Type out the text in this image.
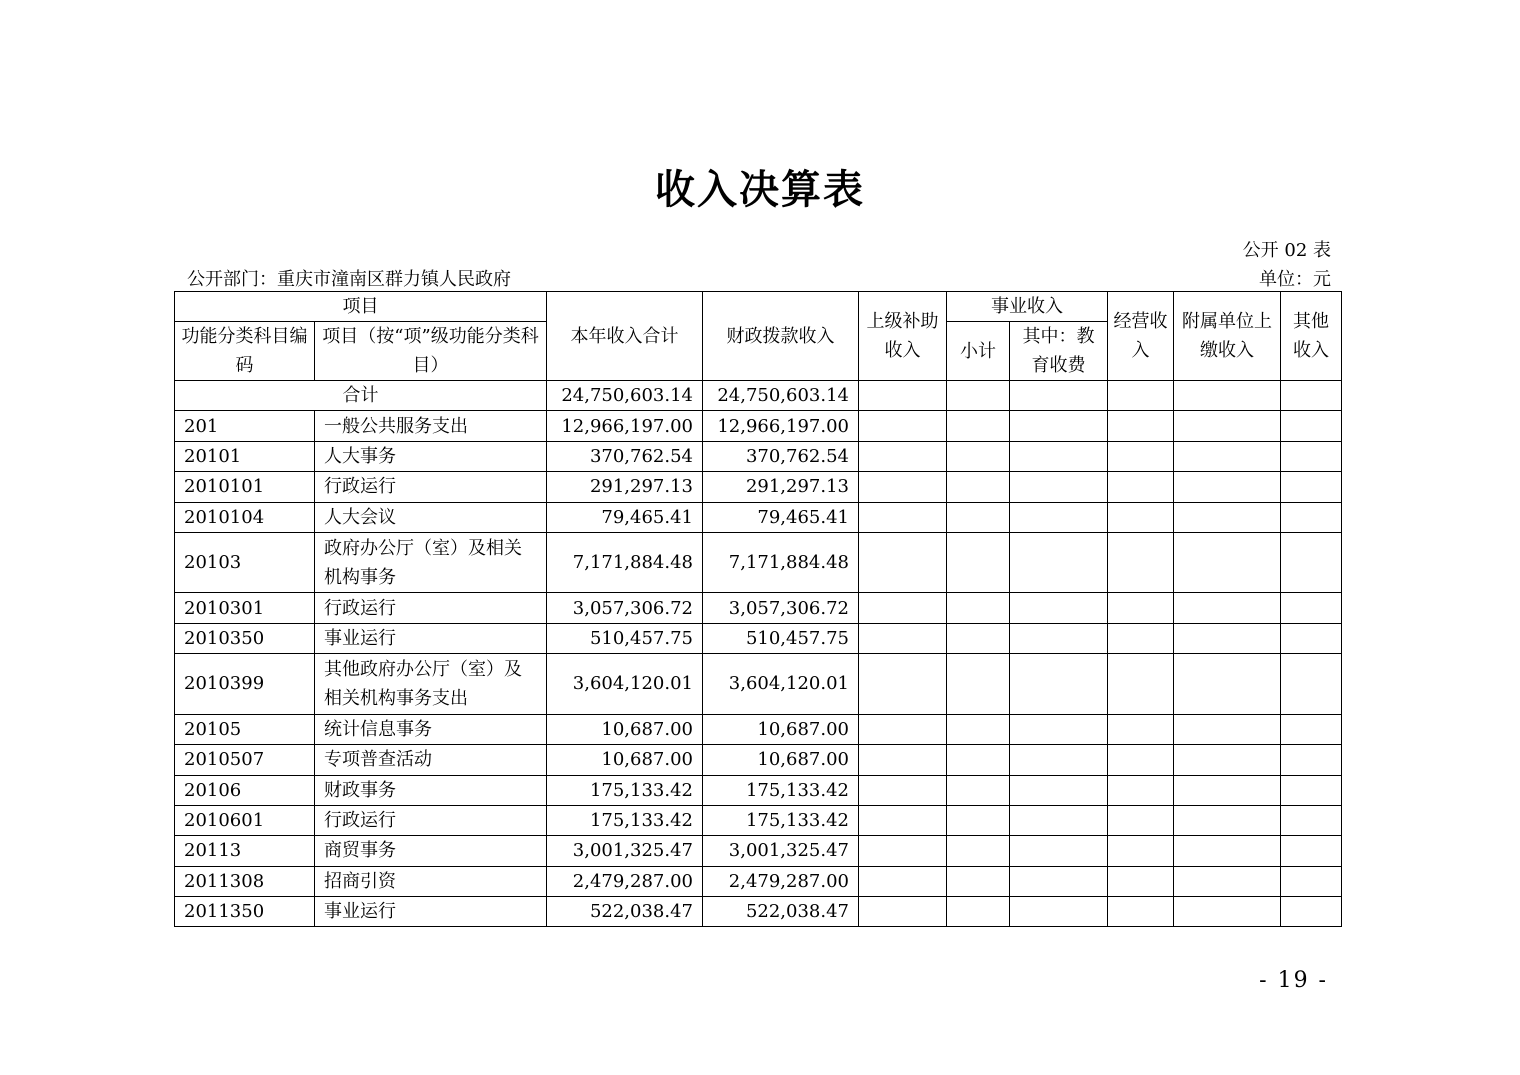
收入决算表
公开 02 表
公开部门：重庆市潼南区群力镇人民政府	单位：元
项目		本年收入合计	财政拨款收入	上级补助收入	事业收入		经营收入	附属单位上缴收入	其他收入
功能分类科目编码	项目（按“项”级功能分类科目）				小计	其中：教育收费			

合计		24,750,603.14	24,750,603.14						
201	一般公共服务支出	12,966,197.00	12,966,197.00						
20101	人大事务	370,762.54	370,762.54						
2010101	行政运行	291,297.13	291,297.13						
2010104	人大会议	79,465.41	79,465.41						
20103	政府办公厅（室）及相关机构事务	7,171,884.48	7,171,884.48						
2010301	行政运行	3,057,306.72	3,057,306.72						
2010350	事业运行	510,457.75	510,457.75						
2010399	其他政府办公厅（室）及相关机构事务支出	3,604,120.01	3,604,120.01						
20105	统计信息事务	10,687.00	10,687.00						
2010507	专项普查活动	10,687.00	10,687.00						
20106	财政事务	175,133.42	175,133.42						
2010601	行政运行	175,133.42	175,133.42						
20113	商贸事务	3,001,325.47	3,001,325.47						
2011308	招商引资	2,479,287.00	2,479,287.00						
2011350	事业运行	522,038.47	522,038.47						
- 19 -
